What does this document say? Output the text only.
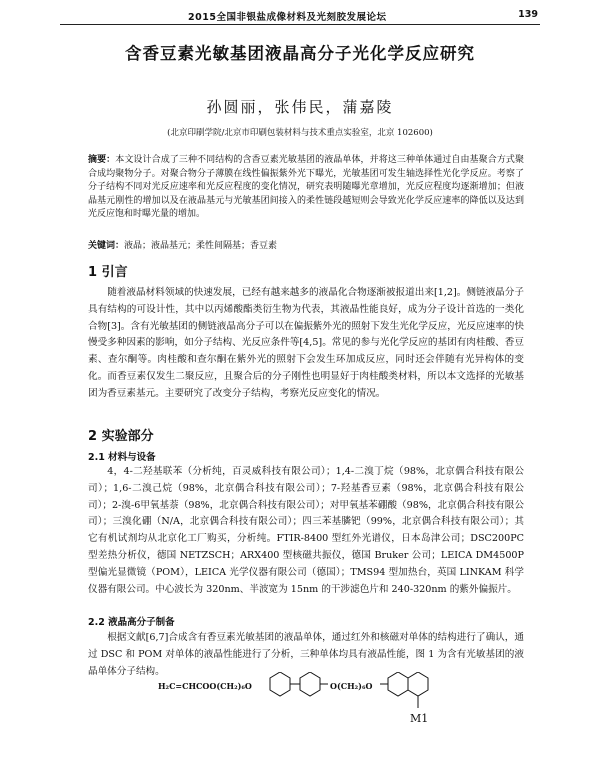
2015全国非银盐成像材料及光刻胶发展论坛	139
含香豆素光敏基团液晶高分子光化学反应研究
孙圆丽，张伟民，蒲嘉陵
(北京印刷学院/北京市印刷包装材料与技术重点实验室，北京 102600)
摘要：本文设计合成了三种不同结构的含香豆素光敏基团的液晶单体，并将这三种单体通过自由基聚合方式聚合成均聚物分子。对聚合物分子薄膜在线性偏振紫外光下曝光，光敏基团可发生轴选择性光化学反应。考察了分子结构不同对光反应速率和光反应程度的变化情况，研究表明随曝光章增加，光反应程度均逐渐增加；但液晶基元刚性的增加以及在液晶基元与光敏基团间接入的柔性链段越短则会导致光化学反应速率的降低以及达到光反应饱和时曝光量的增加。
关键词：液晶；液晶基元；柔性间隔基；香豆素
1 引言
随着液晶材料领域的快速发展，已经有越来越多的液晶化合物逐渐被报道出来[1,2]。侧链液晶分子具有结构的可设计性，其中以丙烯酸酯类衍生物为代表，其液晶性能良好，成为分子设计首选的一类化合物[3]。含有光敏基团的侧链液晶高分子可以在偏振紫外光的照射下发生光化学反应，光反应速率的快慢受多种因素的影响，如分子结构、光反应条件等[4,5]。常见的参与光化学反应的基团有肉桂酸、香豆素、查尔酮等。肉桂酸和查尔酮在紫外光的照射下会发生环加成反应，同时还会伴随有光异构体的变化。而香豆素仅发生二聚反应，且聚合后的分子刚性也明显好于肉桂酸类材料，所以本文选择的光敏基团为香豆素基元。主要研究了改变分子结构，考察光反应变化的情况。
2 实验部分
2.1 材料与设备
4，4-二羟基联苯（分析纯，百灵威科技有限公司）；1,4-二溴丁烷（98%，北京偶合科技有限公司）；1,6-二溴己烷（98%，北京偶合科技有限公司）；7-羟基香豆素（98%，北京偶合科技有限公司）；2-溴-6甲氧基萘（98%，北京偶合科技有限公司）；对甲氧基苯硼酸（98%，北京偶合科技有限公司）；三溴化硼（N/A，北京偶合科技有限公司）；四三苯基膦钯（99%，北京偶合科技有限公司）；其它有机试剂均从北京化工厂购买，分析纯。FTIR-8400 型红外光谱仪，日本岛津公司；DSC200PC 型差热分析仪，德国 NETZSCH；ARX400 型核磁共振仪，德国 Bruker 公司；LEICA DM4500P 型偏光显微镜（POM），LEICA 光学仪器有限公司（德国）；TMS94 型加热台，英国 LINKAM 科学仪器有限公司。中心波长为 320nm、半波宽为 15nm 的干涉滤色片和 240-320nm 的紫外偏振片。
2.2 液晶高分子制备
根据文献[6,7]合成含有香豆素光敏基团的液晶单体，通过红外和核磁对单体的结构进行了确认，通过 DSC 和 POM 对单体的液晶性能进行了分析，三种单体均具有液晶性能，图 1 为含有光敏基团的液晶单体分子结构。
H₂C=CHCOO(CH₂)₆O	O(CH₂)₆O
M1
